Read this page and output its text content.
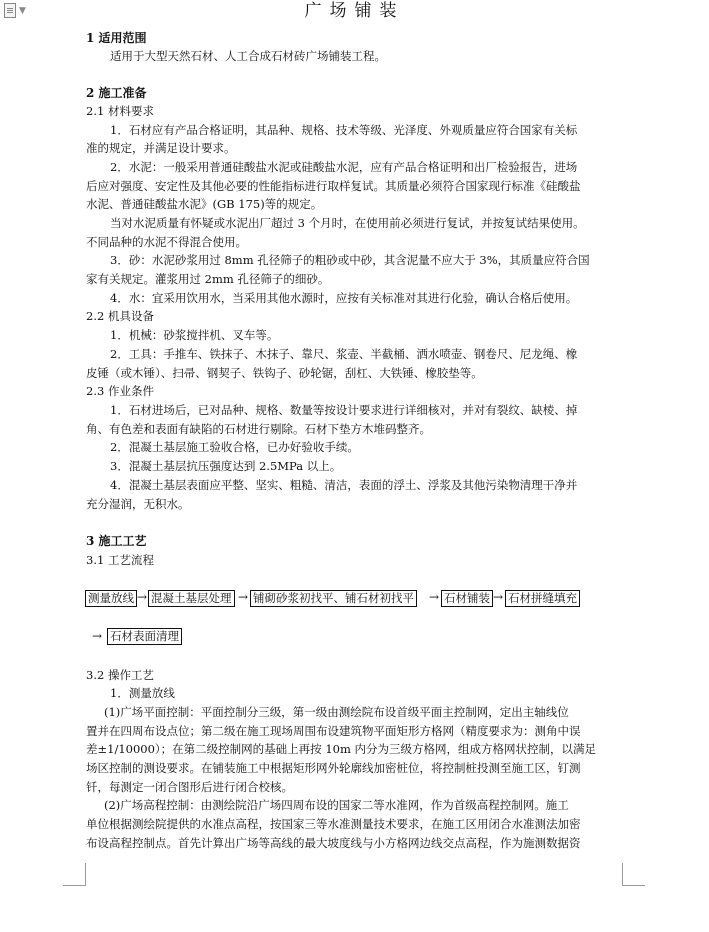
▼	广场铺装
1 适用范围
适用于大型天然石材、人工合成石材砖广场铺装工程。
2 施工准备
2.1 材料要求
1．石材应有产品合格证明，其品种、规格、技术等级、光泽度、外观质量应符合国家有关标
准的规定，并满足设计要求。
2．水泥：一般采用普通硅酸盐水泥或硅酸盐水泥，应有产品合格证明和出厂检验报告，进场
后应对强度、安定性及其他必要的性能指标进行取样复试。其质量必须符合国家现行标准《硅酸盐
水泥、普通硅酸盐水泥》(GB 175)等的规定。
当对水泥质量有怀疑或水泥出厂超过 3 个月时，在使用前必须进行复试，并按复试结果使用。
不同品种的水泥不得混合使用。
3．砂：水泥砂浆用过 8mm 孔径筛子的粗砂或中砂，其含泥量不应大于 3%，其质量应符合国
家有关规定。灌浆用过 2mm 孔径筛子的细砂。
4．水：宜采用饮用水，当采用其他水源时，应按有关标准对其进行化验，确认合格后使用。
2.2 机具设备
1．机械：砂浆搅拌机、叉车等。
2．工具：手推车、铁抹子、木抹子、靠尺、浆壶、半截桶、洒水喷壶、钢卷尺、尼龙绳、橡
皮锤（或木锤）、扫帚、钢契子、铁钩子、砂轮锯，刮杠、大铁锤、橡胶垫等。
2.3 作业条件
1．石材进场后，已对品种、规格、数量等按设计要求进行详细核对，并对有裂纹、缺棱、掉
角、有色差和表面有缺陷的石材进行剔除。石材下垫方木堆码整齐。
2．混凝土基层施工验收合格，已办好验收手续。
3．混凝土基层抗压强度达到 2.5MPa 以上。
4．混凝土基层表面应平整、坚实、粗糙、清洁，表面的浮土、浮浆及其他污染物清理干净并
充分湿润，无积水。
3 施工工艺
3.1 工艺流程
测量放线 → 混凝土基层处理 → 铺砌砂浆初找平、铺石材初找平 → 石材铺装 → 石材拼缝填充
→ 石材表面清理
3.2 操作工艺
1．测量放线
(1)广场平面控制：平面控制分三级，第一级由测绘院布设首级平面主控制网，定出主轴线位
置并在四周布设点位；第二级在施工现场周围布设建筑物平面矩形方格网（精度要求为：测角中误
差±1/10000）；在第二级控制网的基础上再按 10m 内分为三级方格网，组成方格网状控制，以满足
场区控制的测设要求。在铺装施工中根据矩形网外轮廓线加密桩位，将控制桩投测至施工区，钉测
钎，每测定一闭合图形后进行闭合校核。
(2)广场高程控制：由测绘院沿广场四周布设的国家二等水准网，作为首级高程控制网。施工
单位根据测绘院提供的水准点高程，按国家三等水准测量技术要求，在施工区用闭合水准测法加密
布设高程控制点。首先计算出广场等高线的最大坡度线与小方格网边线交点高程，作为施测数据资
